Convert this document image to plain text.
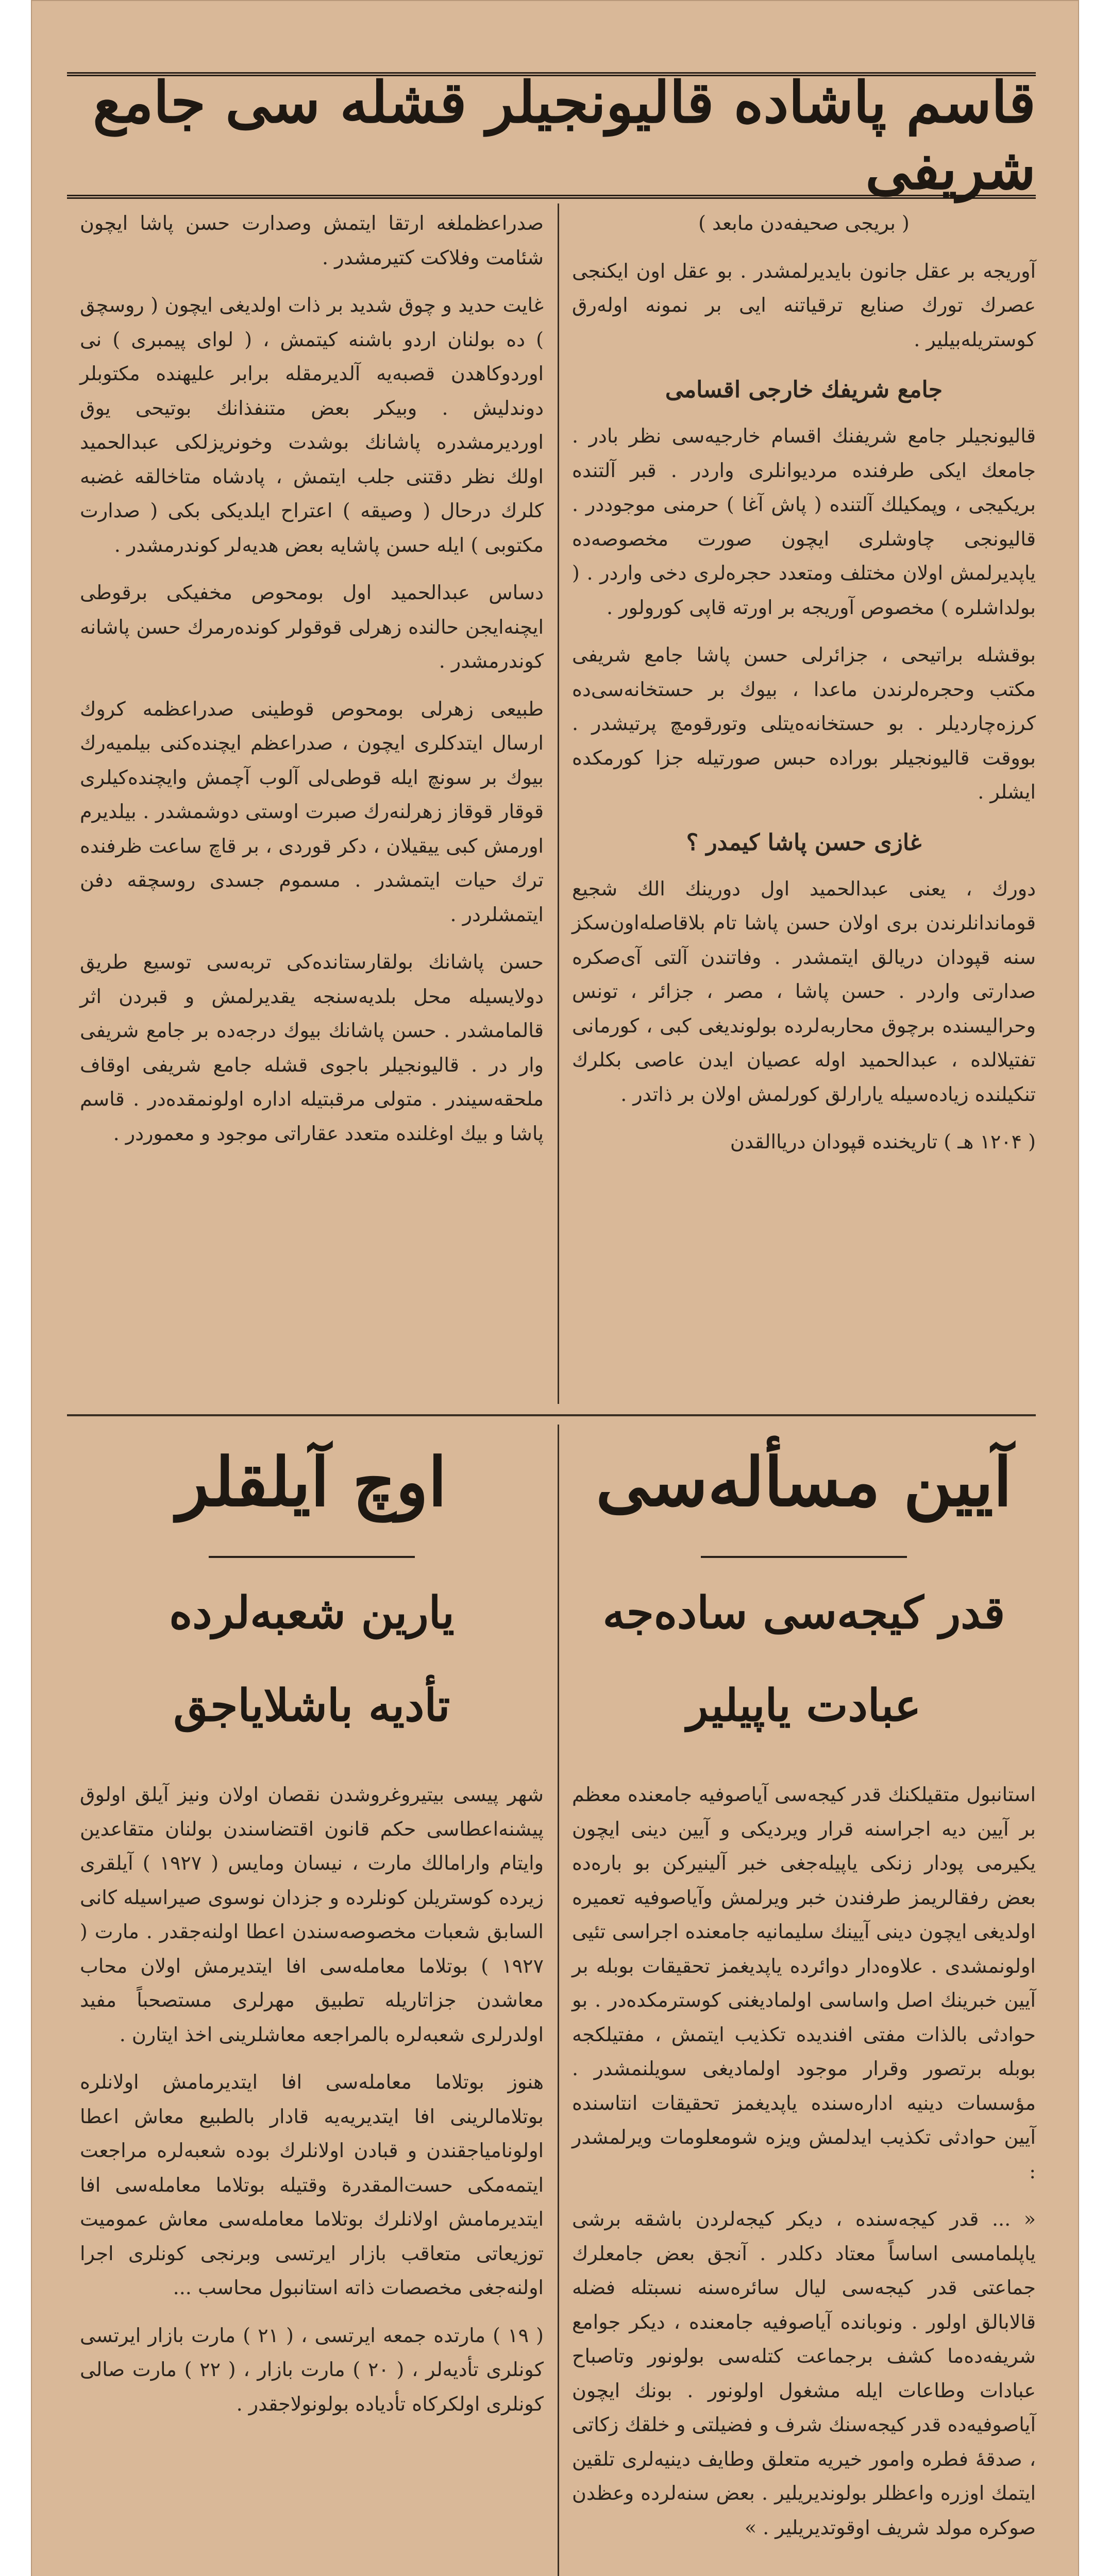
قاسم پاشاده قالیونجیلر قشله سی جامع شریفی

( بریجی صحیفه‌دن مابعد )

آوریجه بر عقل جانون بایدیرلمشدر . بو عقل اون ایکنجی عصرك تورك صنایع ترقیاتنه ایی بر نمونه اوله‌رق کوستریله‌بیلیر .

جامع شریفك خارجی اقسامی

قالیونجیلر جامع شریفنك اقسام خارجیه‌سی نظر بادر . جامعك ایکی طرفنده مردیوانلری واردر . قبر آلتنده بریکیجی ، وپمکیلك آلتنده ( پاش آغا ) حرمنی موجوددر . قالیونجی چاوشلری ایچون صورت مخصوصه‌ده یاپدیرلمش اولان مختلف ومتعدد حجره‌لری دخی واردر . ( بولداشلره ) مخصوص آوریجه بر اورته قاپی کورولور .

بوقشله براتیحی ، جزائرلی حسن پاشا جامع شریفی مکتب وحجره‌لرندن ماعدا ، بیوك بر حستخانه‌سی‌ده کرزه‌چاردیلر . بو حستخانه‌ه‌یتلی وتورقومچ پرتیشدر . بووقت قالیونجیلر بوراده حبس صورتیله جزا کورمکده ایشلر .

غازی حسن پاشا کیمدر ؟

دورك ، یعنی عبدالحمید اول دورینك الك شجیع قوماندانلرندن بری اولان حسن پاشا تام بلاقاصله‌اون‌سکز سنه قپودان دریالق ایتمشدر . وفاتندن آلتی آی‌صکره صدارتی واردر . حسن پاشا ، مصر ، جزائر ، تونس وحرالیسنده برچوق محاربه‌لرده بولوندیغی کبی ، کورمانی تفتیلالده ، عبدالحمید اوله عصیان ایدن عاصی بکلرك تنکیلنده زیاده‌سیله یارارلق کورلمش اولان بر ذاتدر .

( ۱۲۰۴ هـ ) تاریخنده قپودان دریاالقدن

صدراعظملغه ارتقا ایتمش وصدارت حسن پاشا ایچون شئامت وفلاکت کتیرمشدر .

غایت حدید و چوق شدید بر ذات اولدیغی ایچون ( روسچق ) ده بولنان اردو باشنه کیتمش ، ( لوای پیمبری ) نی اوردوکاهدن قصبه‌یه آلدیرمقله برابر علیهنده مکتوبلر دوندلیش . وبیکر بعض متنفذانك بوتیحی یوق اوردیرمشدره پاشانك بوشدت وخونریزلکی عبدالحمید اولك نظر دقتنی جلب ایتمش ، پادشاه متاخالقه غضبه کلرك درحال ( وصیقه ) اعتراح ایلدیکی بکی ( صدارت مکتوبی ) ایله حسن پاشایه بعض هدیه‌لر کوندرمشدر .

دساس عبدالحمید اول بومحوص مخفیکی برقوطی ایچنه‌ایجن حالنده زهرلی قوقولر کونده‌رمرك حسن پاشانه کوندرمشدر .

طبیعی زهرلی بومحوص قوطینی صدراعظمه کروك ارسال ایتدکلری ایچون ، صدراعظم ایچنده‌کنی بیلمیه‌رك بیوك بر سونچ ایله قوطی‌لی آلوب آچمش وایچنده‌کیلری قوقار قوقاز زهرلنه‌رك صبرت اوستی دوشمشدر . بیلدیرم اورمش کبی ییقیلان ، دکر قوردی ، بر قاچ ساعت ظرفنده ترك حیات ایتمشدر . مسموم جسدی روسچقه دفن ایتمشلردر .

حسن پاشانك بولقارستانده‌کی تربه‌سی توسیع طریق دولایسیله محل بلدیه‌سنجه یقدیرلمش و قبردن اثر قالمامشدر . حسن پاشانك بیوك درجه‌ده بر جامع شریفی وار در . قالیونجیلر باجوی قشله جامع شریفی اوقاف ملحقه‌سیندر . متولی مرقبتیله اداره اولونمقده‌در . قاسم پاشا و بیك اوغلنده متعدد عقاراتی موجود و معموردر .

آیین مسأله‌سی
قدر کیجه‌سی ساده‌جه
عبادت یاپیلیر

استانبول متقیلکنك قدر کیجه‌سی آیاصوفیه جامعنده معظم بر آیین دیه اجراسنه قرار ویردیکی و آیین دینی ایچون یکیرمی پودار زنکی یاپیله‌جغی خبر آلینیرکن بو باره‌ده بعض رفقالریمز طرفندن خبر ویرلمش وآیاصوفیه تعمیره اولدیغی ایچون دینی آیینك سلیمانیه جامعنده اجراسی تئیی اولونمشدی . علاوه‌دار دوائرده یاپدیغمز تحقیقات بوبله بر آیین خبرینك اصل واساسی اولمادیغنی کوسترمکده‌در . بو حوادثی بالذات مفتی افندیده تکذیب ایتمش ، مفتیلکجه بوبله برتصور وقرار موجود اولمادیغی سویلنمشدر . مؤسسات دینیه اداره‌سنده یاپدیغمز تحقیقات انتاسنده آیین حوادثی تکذیب ایدلمش ویزه شومعلومات ویرلمشدر :

« ... قدر کیجه‌سنده ، دیکر کیجه‌لردن باشقه برشی یاپلمامسی اساساً معتاد دکلدر . آنجق بعض جامعلرك جماعتی قدر کیجه‌سی لیال سائره‌سنه نسبتله فضله قالابالق اولور . ونوبانده آیاصوفیه جامعنده ، دیکر جوامع شریفه‌ده‌ما کشف برجماعت کتله‌سی بولونور وتاصباح عبادات وطاعات ایله مشغول اولونور . بونك ایچون آیاصوفیه‌ده قدر کیجه‌سنك شرف و فضیلتی و خلقك زکاتی ، صدقهٔ فطره وامور خیریه متعلق وطایف دینیه‌لری تلقین ایتمك اوزره واعظلر بولوندیریلیر . بعض سنه‌لرده وعظدن صوکره مولد شریف اوقوتدیریلیر . »

اوچ آیلقلر
یارین شعبه‌لرده
تأدیه باشلایاجق

شهر پیسی بیتیروغروشدن نقصان اولان ونیز آیلق اولوق پیشنه‌اعطاسی حکم قانون اقتضاسندن بولنان متقاعدین وایتام وارامالك مارت ، نیسان ومایس ( ۱۹۲۷ ) آیلقری زیرده کوستریلن کونلرده و جزدان نوسوی صیراسیله کانی السابق شعبات مخصوصه‌سندن اعطا اولنه‌جقدر . مارت ( ۱۹۲۷ ) بوتلاما معامله‌سی افا ایتدیرمش اولان محاب معاشدن جزاتاریله تطبیق مهرلری مستصحباً مفید اولدرلری شعبه‌لره بالمراجعه معاشلرینی اخذ ایتارن .

هنوز بوتلاما معامله‌سی افا ایتدیرمامش اولانلره بوتلامالرینی افا ایتدیریه‌یه قادار بالطبیع معاش اعطا اولونامیاجقندن و قبادن اولانلرك بوده شعبه‌لره مراجعت ایتمه‌مکی حست‌المقدرة وقتیله بوتلاما معامله‌سی افا ایتدیرمامش اولانلرك بوتلاما معامله‌سی معاش عمومیت توزیعاتی متعاقب بازار ایرتسی وبرنجی کونلری اجرا اولنه‌جغی مخصصات ذاته استانبول محاسب ...

( ۱۹ ) مارتده جمعه ایرتسی ، ( ۲۱ ) مارت بازار ایرتسی کونلری تأدیه‌لر ، ( ۲۰ ) مارت بازار ، ( ۲۲ ) مارت صالی کونلری اولکرکاه تأدیاده بولونولاجقدر .
